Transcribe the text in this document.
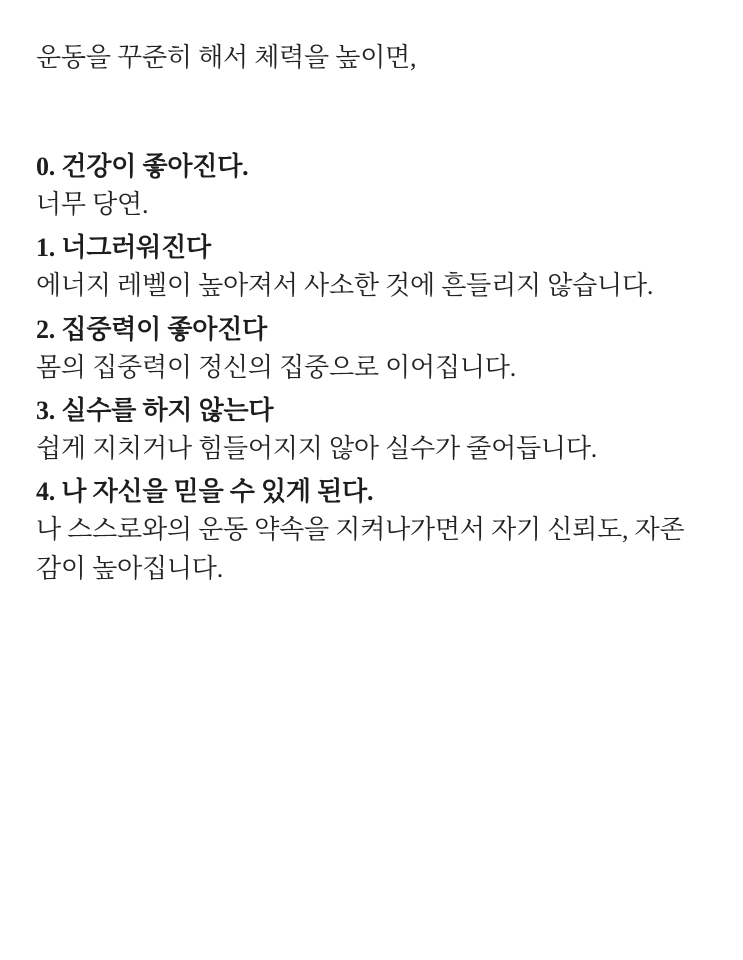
운동을 꾸준히 해서 체력을 높이면,

0. 건강이 좋아진다.

너무 당연.

1. 너그러워진다

에너지 레벨이 높아져서 사소한 것에 흔들리지 않습니다.

2. 집중력이 좋아진다

몸의 집중력이 정신의 집중으로 이어집니다.

3. 실수를 하지 않는다

쉽게 지치거나 힘들어지지 않아 실수가 줄어듭니다.

4. 나 자신을 믿을 수 있게 된다.

나 스스로와의 운동 약속을 지켜나가면서 자기 신뢰도, 자존감이 높아집니다.
